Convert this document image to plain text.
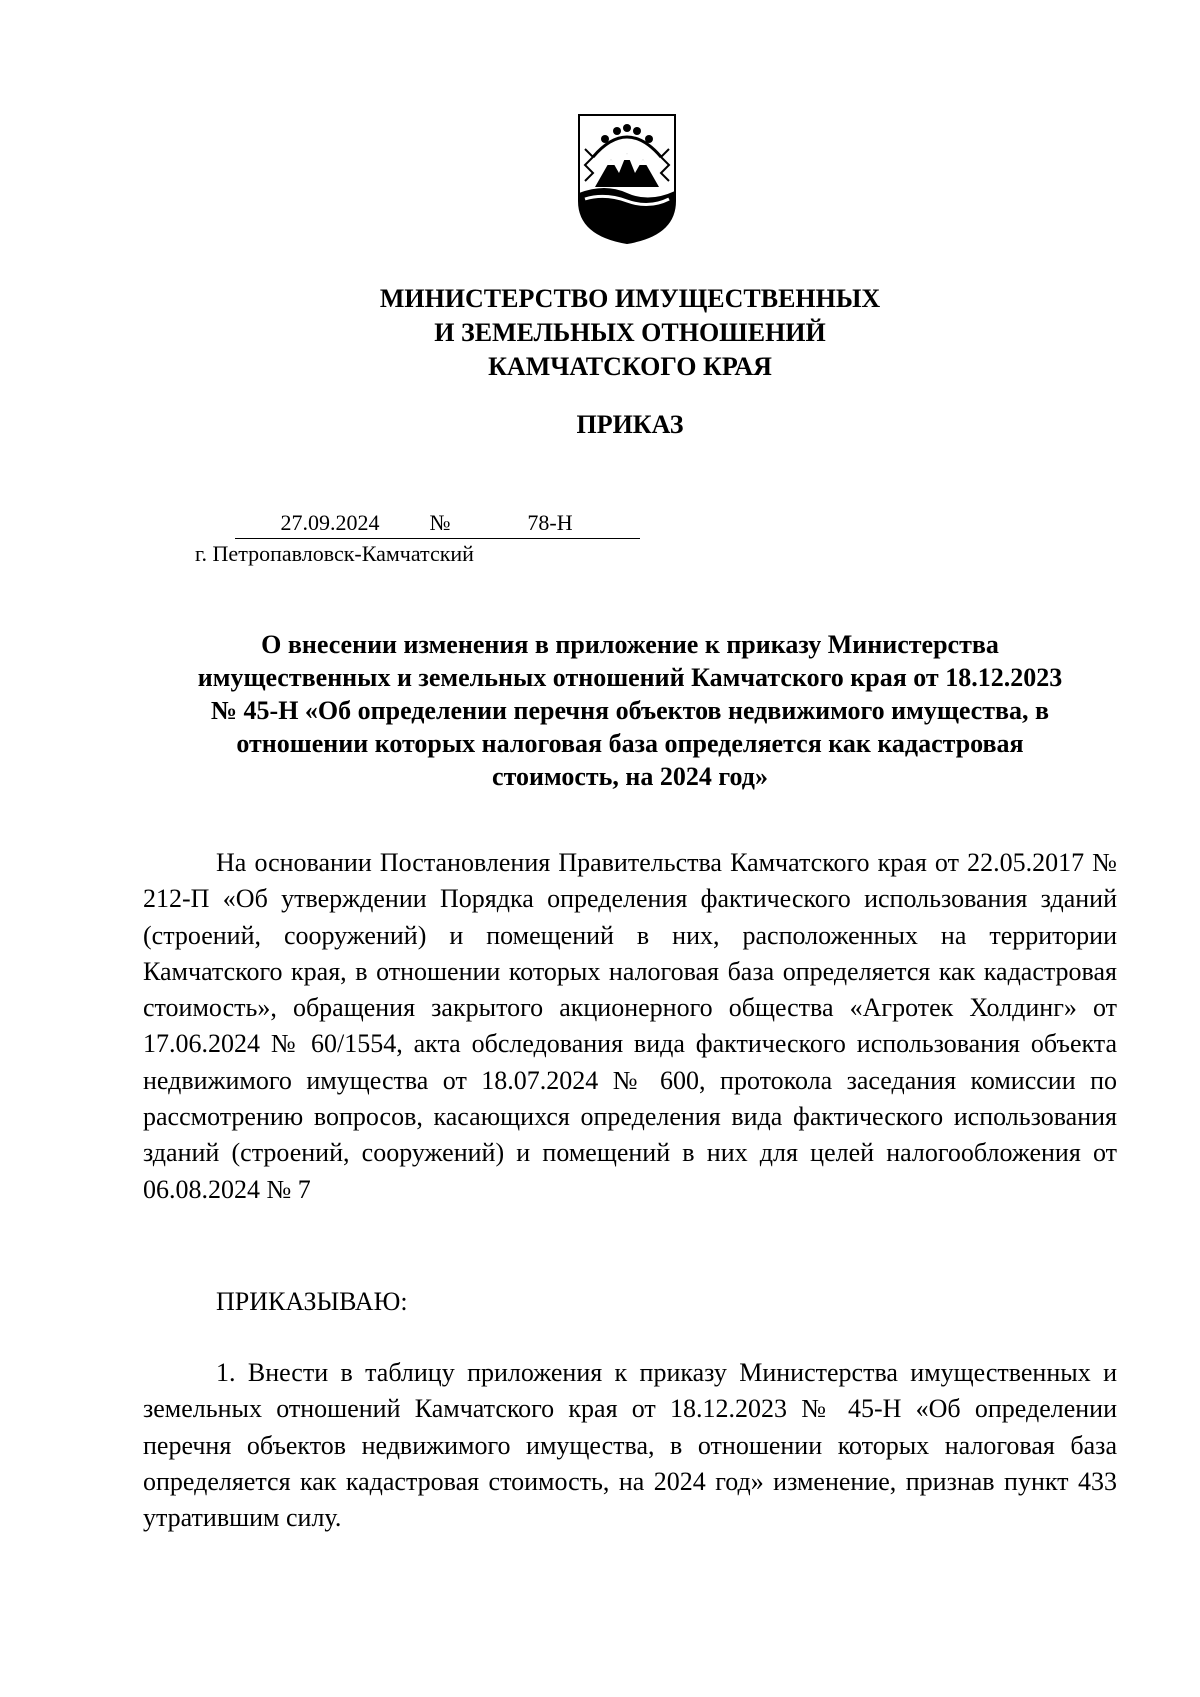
МИНИСТЕРСТВО ИМУЩЕСТВЕННЫХ
И ЗЕМЕЛЬНЫХ ОТНОШЕНИЙ
КАМЧАТСКОГО КРАЯ
ПРИКАЗ
27.09.2024	№	78-Н
г. Петропавловск-Камчатский
О внесении изменения в приложение к приказу Министерства
имущественных и земельных отношений Камчатского края от 18.12.2023
№ 45-Н «Об определении перечня объектов недвижимого имущества, в
отношении которых налоговая база определяется как кадастровая
стоимость, на 2024 год»

На основании Постановления Правительства Камчатского края от 22.05.2017 № 212-П «Об утверждении Порядка определения фактического использования зданий (строений, сооружений) и помещений в них, расположенных на территории Камчатского края, в отношении которых налоговая база определяется как кадастровая стоимость», обращения закрытого акционерного общества «Агротек Холдинг» от 17.06.2024 № 60/1554, акта обследования вида фактического использования объекта недвижимого имущества от 18.07.2024 № 600, протокола заседания комиссии по рассмотрению вопросов, касающихся определения вида фактического использования зданий (строений, сооружений) и помещений в них для целей налогообложения от 06.08.2024 № 7

ПРИКАЗЫВАЮ:

1. Внести в таблицу приложения к приказу Министерства имущественных и земельных отношений Камчатского края от 18.12.2023 № 45-Н «Об определении перечня объектов недвижимого имущества, в отношении которых налоговая база определяется как кадастровая стоимость, на 2024 год» изменение, признав пункт 433 утратившим силу.
